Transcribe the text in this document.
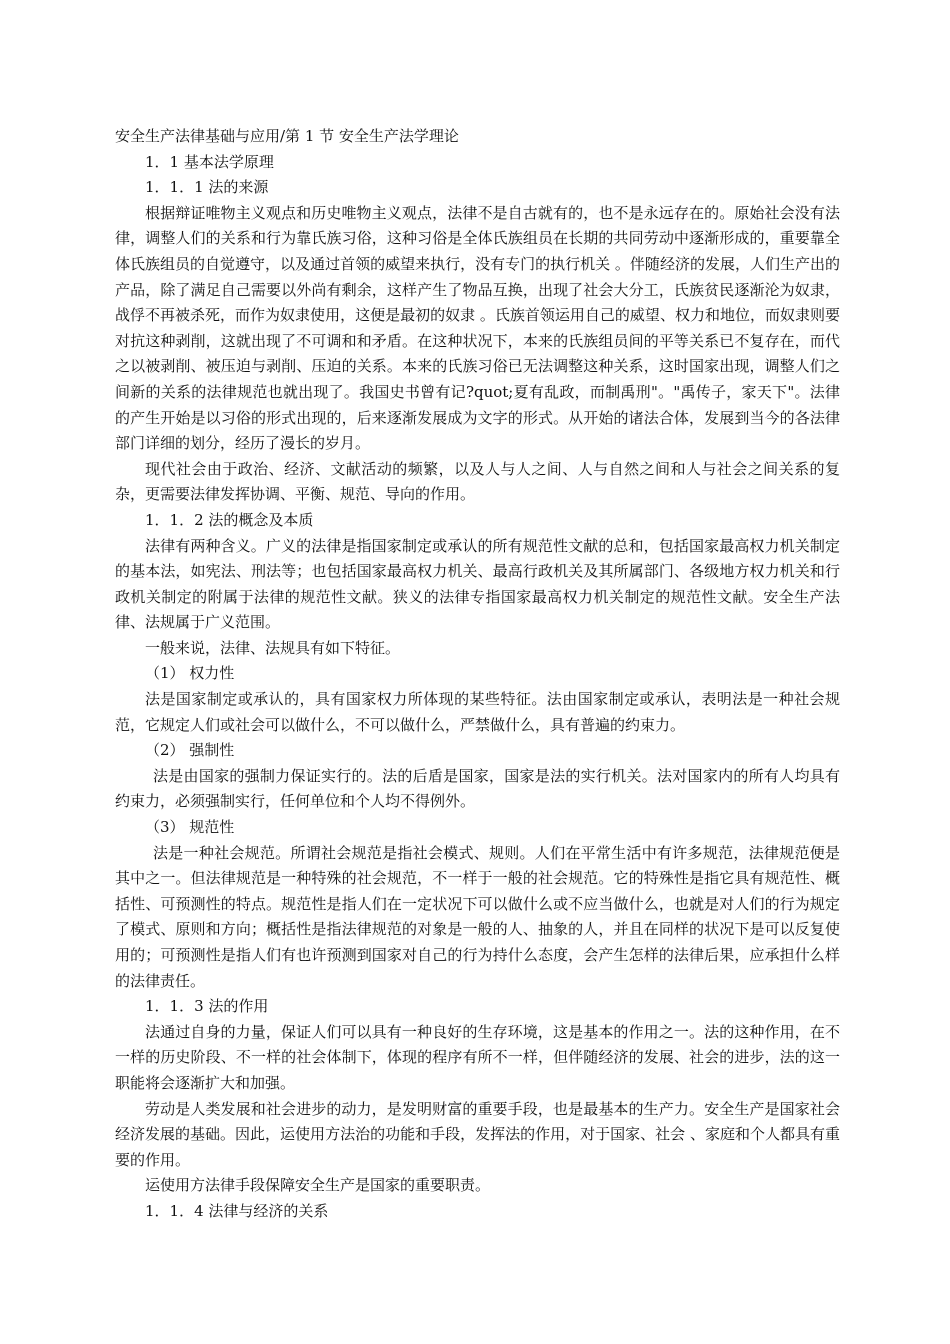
安全生产法律基础与应用/第 1 节 安全生产法学理论

1．1 基本法学原理

1．1．1 法的来源

根据辩证唯物主义观点和历史唯物主义观点，法律不是自古就有的，也不是永远存在的。原始社会没有法律，调整人们的关系和行为靠氏族习俗，这种习俗是全体氏族组员在长期的共同劳动中逐渐形成的，重要靠全体氏族组员的自觉遵守，以及通过首领的威望来执行，没有专门的执行机关 。伴随经济的发展，人们生产出的产品，除了满足自己需要以外尚有剩余，这样产生了物品互换，出现了社会大分工，氏族贫民逐渐沦为奴隶，战俘不再被杀死，而作为奴隶使用，这便是最初的奴隶 。氏族首领运用自己的威望、权力和地位，而奴隶则要对抗这种剥削，这就出现了不可调和和矛盾。在这种状况下，本来的氏族组员间的平等关系已不复存在，而代之以被剥削、被压迫与剥削、压迫的关系。本来的氏族习俗已无法调整这种关系，这时国家出现，调整人们之间新的关系的法律规范也就出现了。我国史书曾有记?quot;夏有乱政，而制禹刑"。"禹传子，家天下"。法律的产生开始是以习俗的形式出现的，后来逐渐发展成为文字的形式。从开始的诸法合体，发展到当今的各法律部门详细的划分，经历了漫长的岁月。

现代社会由于政治、经济、文献活动的频繁，以及人与人之间、人与自然之间和人与社会之间关系的复杂，更需要法律发挥协调、平衡、规范、导向的作用。

1．1．2 法的概念及本质

法律有两种含义。广义的法律是指国家制定或承认的所有规范性文献的总和，包括国家最高权力机关制定的基本法，如宪法、刑法等；也包括国家最高权力机关、最高行政机关及其所属部门、各级地方权力机关和行政机关制定的附属于法律的规范性文献。狭义的法律专指国家最高权力机关制定的规范性文献。安全生产法律、法规属于广义范围。

一般来说，法律、法规具有如下特征。

（1） 权力性

法是国家制定或承认的，具有国家权力所体现的某些特征。法由国家制定或承认，表明法是一种社会规范，它规定人们或社会可以做什么，不可以做什么，严禁做什么，具有普遍的约束力。

（2） 强制性

法是由国家的强制力保证实行的。法的后盾是国家，国家是法的实行机关。法对国家内的所有人均具有约束力，必须强制实行，任何单位和个人均不得例外。

（3） 规范性

法是一种社会规范。所谓社会规范是指社会模式、规则。人们在平常生活中有许多规范，法律规范便是其中之一。但法律规范是一种特殊的社会规范，不一样于一般的社会规范。它的特殊性是指它具有规范性、概括性、可预测性的特点。规范性是指人们在一定状况下可以做什么或不应当做什么，也就是对人们的行为规定了模式、原则和方向；概括性是指法律规范的对象是一般的人、抽象的人，并且在同样的状况下是可以反复使用的；可预测性是指人们有也许预测到国家对自己的行为持什么态度，会产生怎样的法律后果，应承担什么样的法律责任。

1．1．3 法的作用

法通过自身的力量，保证人们可以具有一种良好的生存环境，这是基本的作用之一。法的这种作用，在不一样的历史阶段、不一样的社会体制下，体现的程序有所不一样，但伴随经济的发展、社会的进步，法的这一职能将会逐渐扩大和加强。

劳动是人类发展和社会进步的动力，是发明财富的重要手段，也是最基本的生产力。安全生产是国家社会经济发展的基础。因此，运使用方法治的功能和手段，发挥法的作用，对于国家、社会 、家庭和个人都具有重要的作用。

运使用方法律手段保障安全生产是国家的重要职责。

1．1．4 法律与经济的关系
